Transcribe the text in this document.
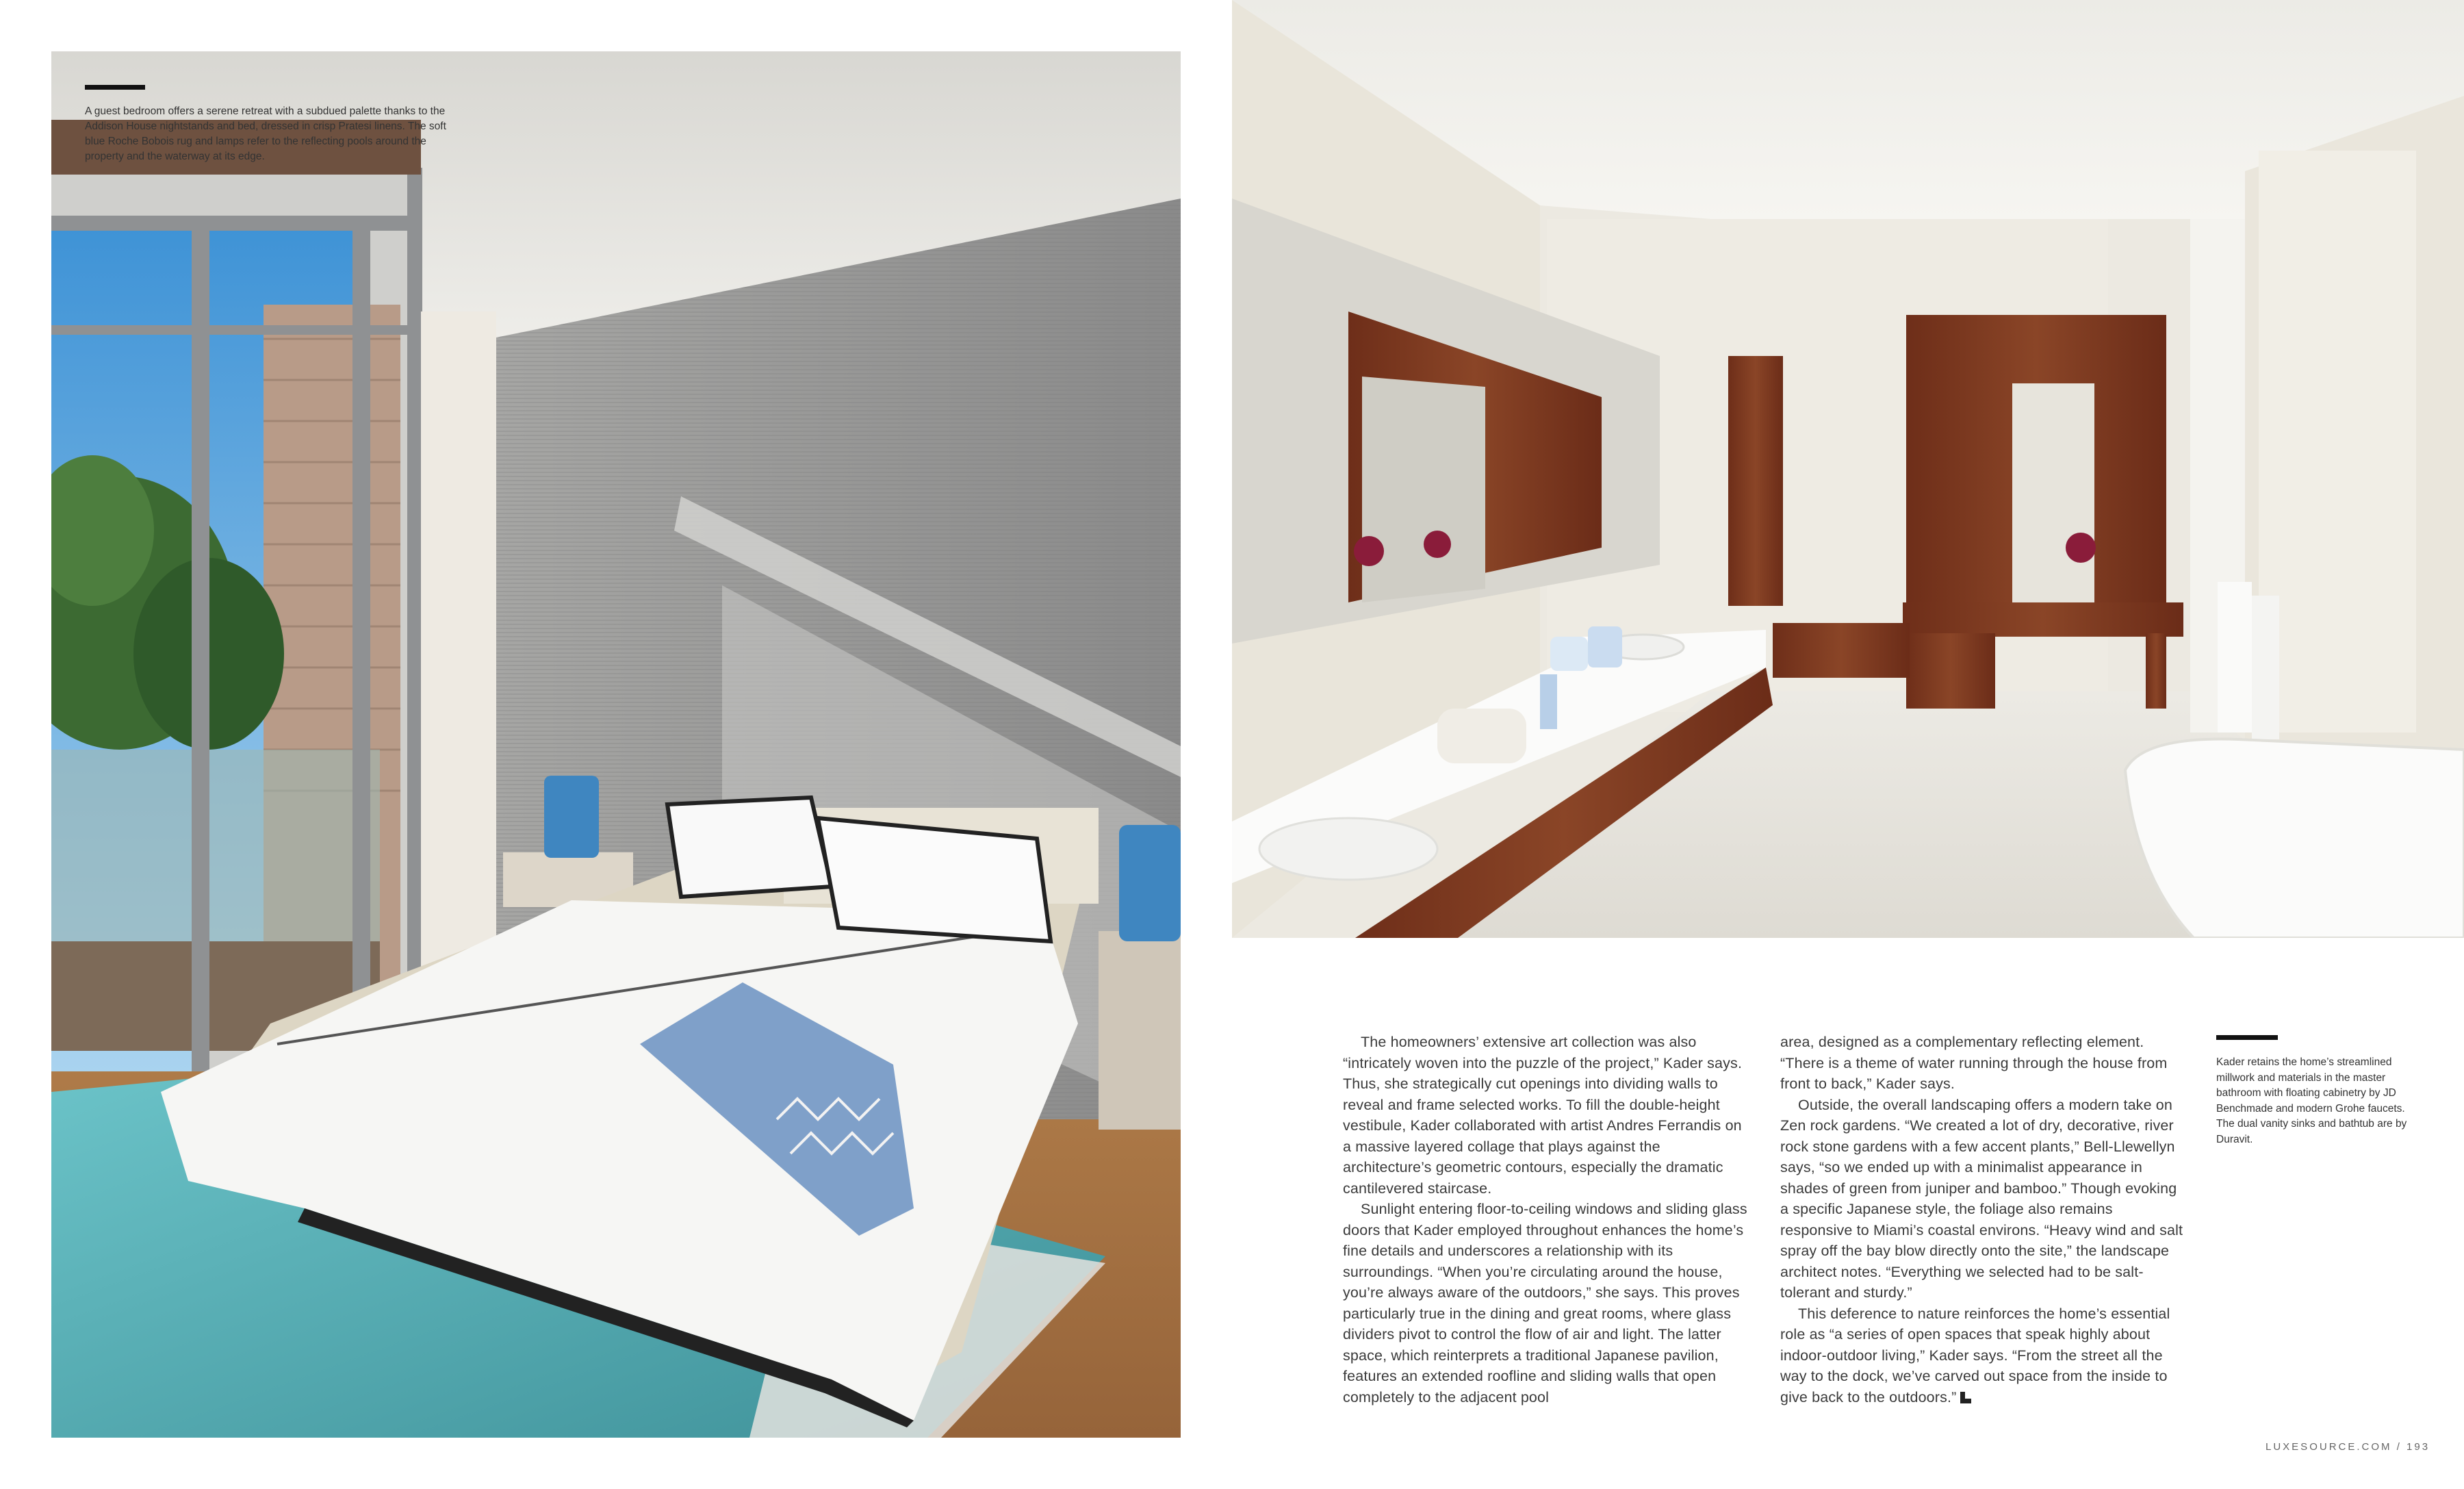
A guest bedroom offers a serene retreat with a subdued palette thanks to the Addison House nightstands and bed, dressed in crisp Pratesi linens. The soft blue Roche Bobois rug and lamps refer to the reflecting pools around the property and the waterway at its edge.

The homeowners’ extensive art collection was also “intricately woven into the puzzle of the project,” Kader says. Thus, she strategically cut openings into dividing walls to reveal and frame selected works. To fill the double-height vestibule, Kader collaborated with artist Andres Ferrandis on a massive layered collage that plays against the architecture’s geometric contours, especially the dramatic cantilevered staircase.

Sunlight entering floor-to-ceiling windows and sliding glass doors that Kader employed throughout enhances the home’s fine details and underscores a relationship with its surroundings. “When you’re circulating around the house, you’re always aware of the outdoors,” she says. This proves particularly true in the dining and great rooms, where glass dividers pivot to control the flow of air and light. The latter space, which reinterprets a traditional Japanese pavilion, features an extended roofline and sliding walls that open completely to the adjacent pool

area, designed as a complementary reflecting element. “There is a theme of water running through the house from front to back,” Kader says.

Outside, the overall landscaping offers a modern take on Zen rock gardens. “We created a lot of dry, decorative, river rock stone gardens with a few accent plants,” Bell-Llewellyn says, “so we ended up with a minimalist appearance in shades of green from juniper and bamboo.” Though evoking a specific Japanese style, the foliage also remains responsive to Miami’s coastal environs. “Heavy wind and salt spray off the bay blow directly onto the site,” the landscape architect notes. “Everything we selected had to be salt-tolerant and sturdy.”

This deference to nature reinforces the home’s essential role as “a series of open spaces that speak highly about indoor-outdoor living,” Kader says. “From the street all the way to the dock, we’ve carved out space from the inside to give back to the outdoors.”

Kader retains the home’s streamlined millwork and materials in the master bathroom with floating cabinetry by JD Benchmade and modern Grohe faucets. The dual vanity sinks and bathtub are by Duravit.
LUXESOURCE.COM / 193
